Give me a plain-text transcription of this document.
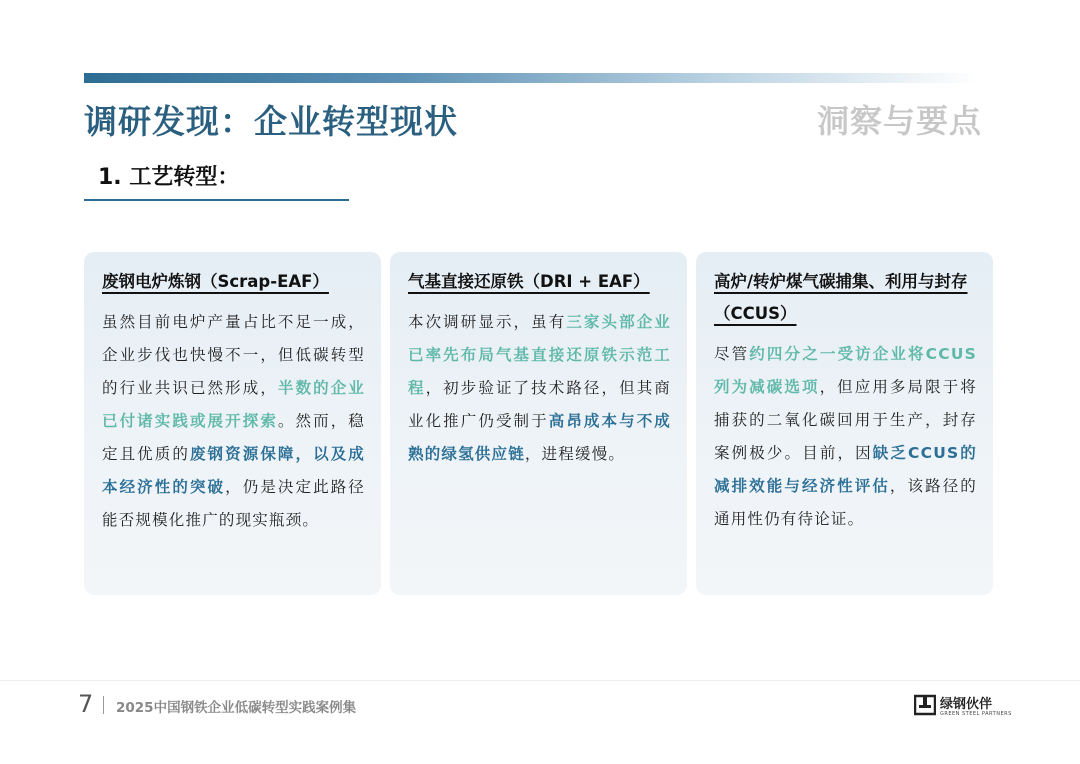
调研发现：企业转型现状	洞察与要点
1. 工艺转型：
废钢电炉炼钢（Scrap-EAF）
虽然目前电炉产量占比不足一成，企业步伐也快慢不一，但低碳转型的行业共识已然形成，半数的企业已付诸实践或展开探索。然而，稳定且优质的废钢资源保障，以及成本经济性的突破，仍是决定此路径能否规模化推广的现实瓶颈。
气基直接还原铁（DRI + EAF）
本次调研显示，虽有三家头部企业已率先布局气基直接还原铁示范工程，初步验证了技术路径，但其商业化推广仍受制于高昂成本与不成熟的绿氢供应链，进程缓慢。
高炉/转炉煤气碳捕集、利用与封存（CCUS）
尽管约四分之一受访企业将CCUS列为减碳选项，但应用多局限于将捕获的二氧化碳回用于生产，封存案例极少。目前，因缺乏CCUS的减排效能与经济性评估，该路径的通用性仍有待论证。
7 2025中国钢铁企业低碳转型实践案例集	绿钢伙伴
GREEN STEEL PARTNERS
